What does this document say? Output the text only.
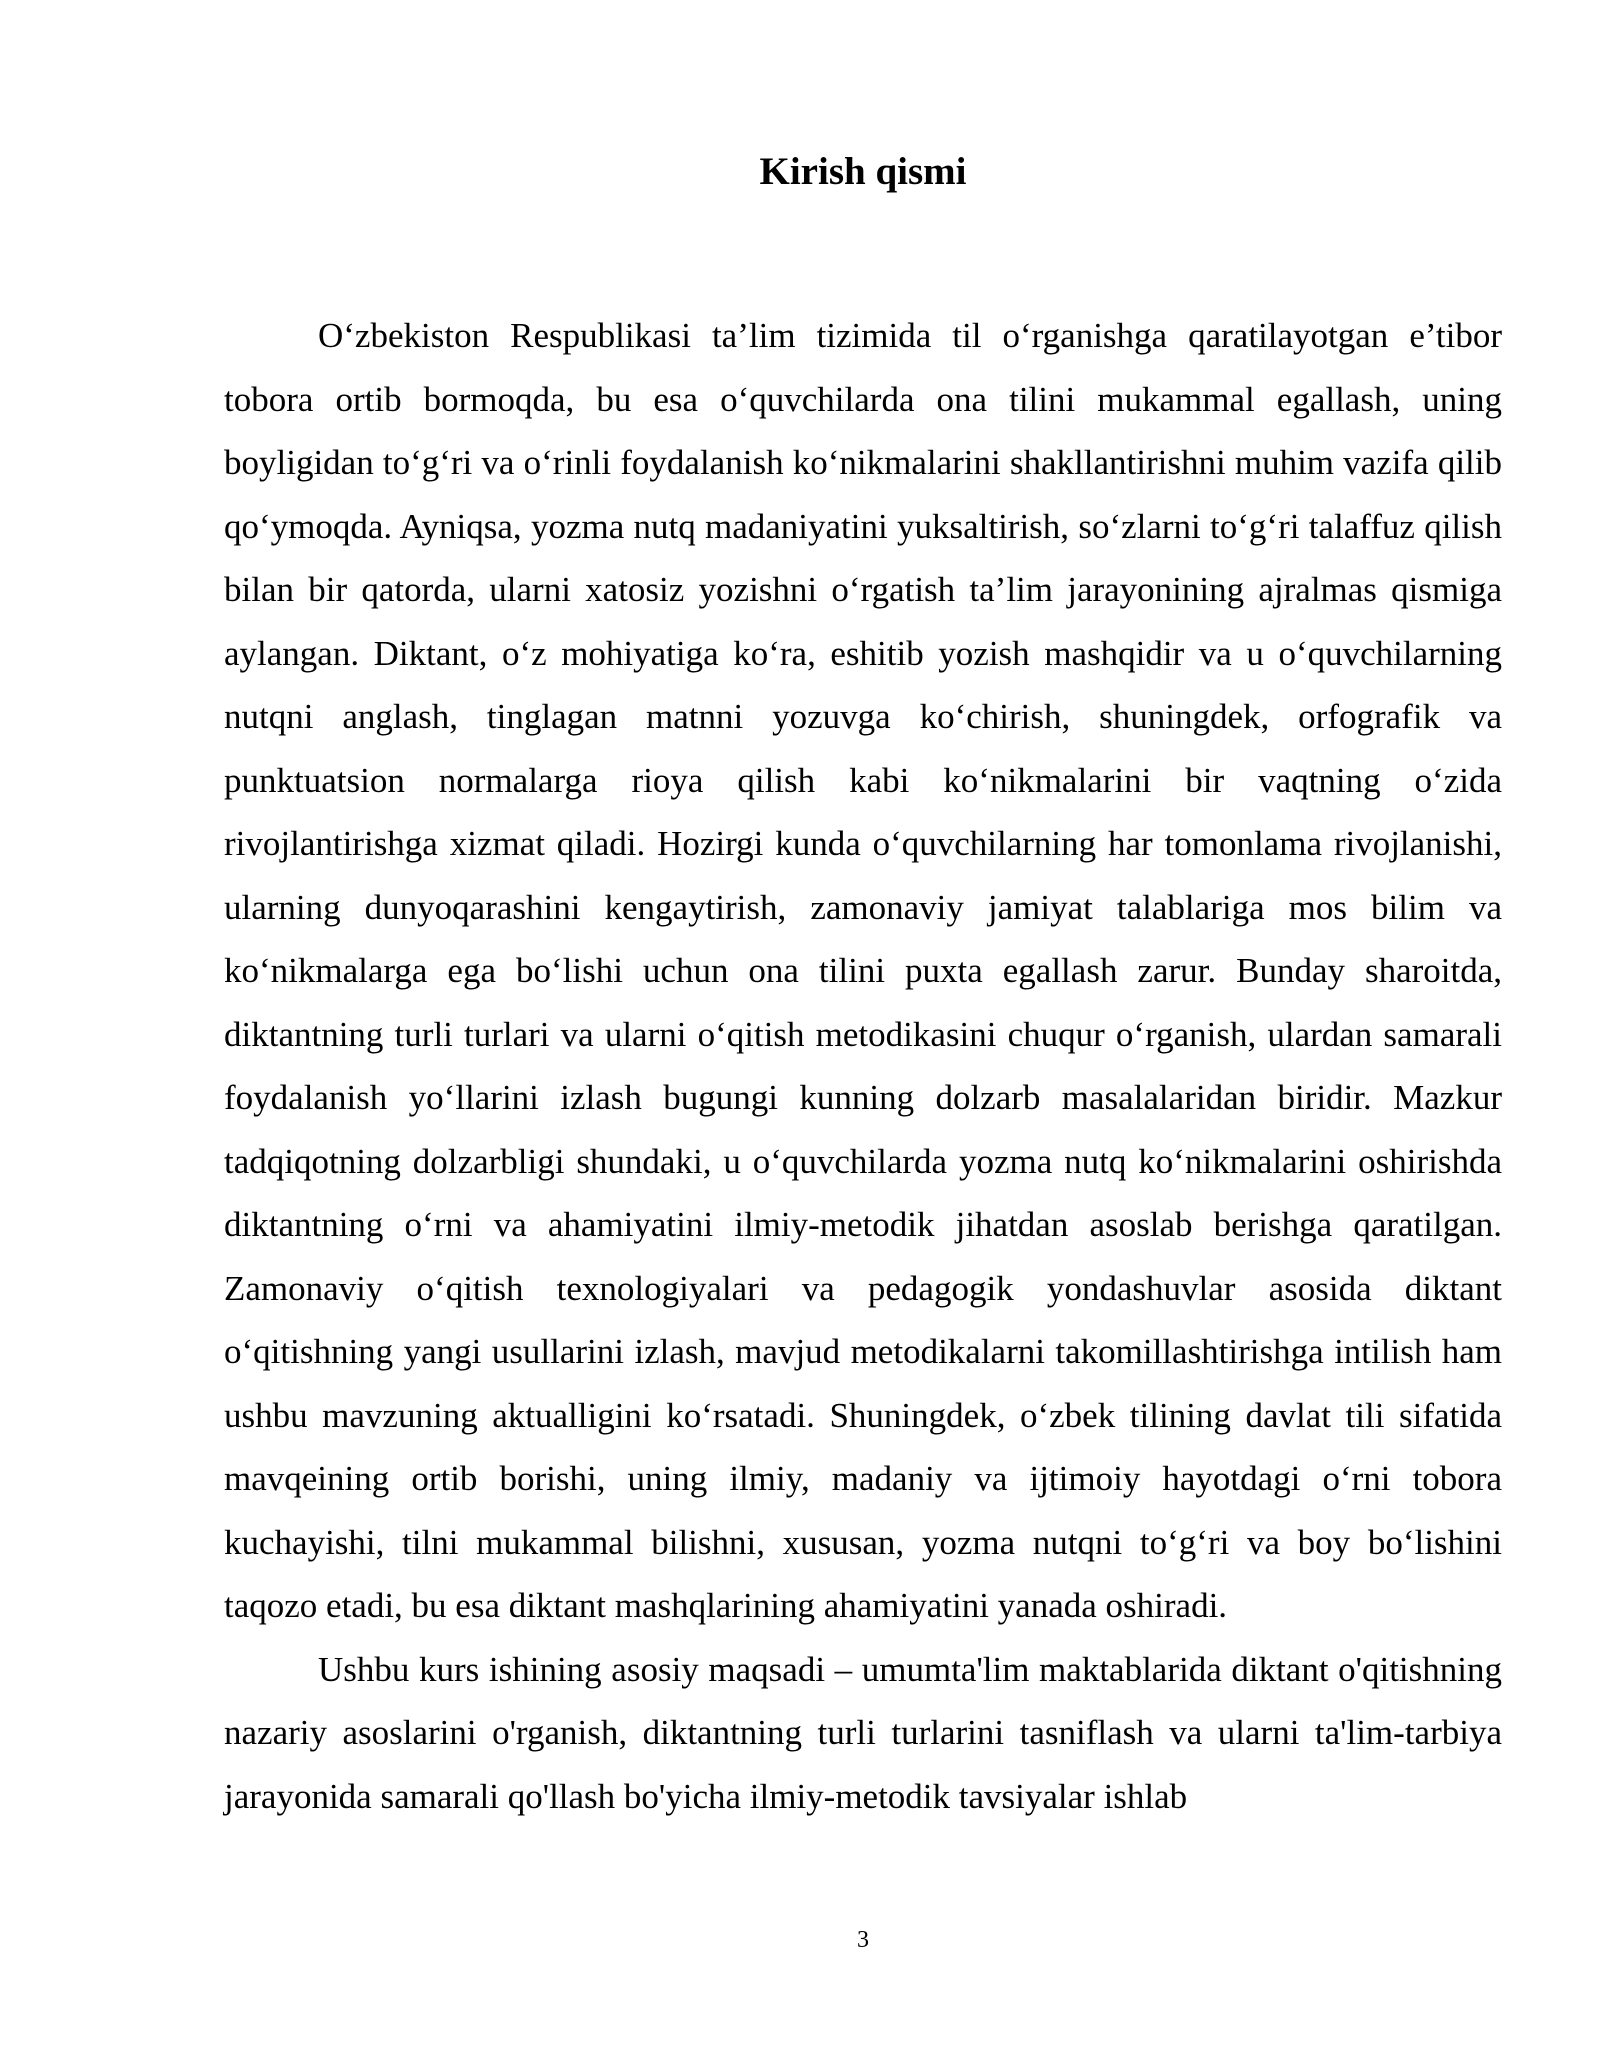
Kirish qismi

O‘zbekiston Respublikasi ta’lim tizimida til o‘rganishga qaratilayotgan e’tibor tobora ortib bormoqda, bu esa o‘quvchilarda ona tilini mukammal egallash, uning boyligidan to‘g‘ri va o‘rinli foydalanish ko‘nikmalarini shakllantirishni muhim vazifa qilib qo‘ymoqda. Ayniqsa, yozma nutq madaniyatini yuksaltirish, so‘zlarni to‘g‘ri talaffuz qilish bilan bir qatorda, ularni xatosiz yozishni o‘rgatish ta’lim jarayonining ajralmas qismiga aylangan. Diktant, o‘z mohiyatiga ko‘ra, eshitib yozish mashqidir va u o‘quvchilarning nutqni anglash, tinglagan matnni yozuvga ko‘chirish, shuningdek, orfografik va punktuatsion normalarga rioya qilish kabi ko‘nikmalarini bir vaqtning o‘zida rivojlantirishga xizmat qiladi. Hozirgi kunda o‘quvchilarning har tomonlama rivojlanishi, ularning dunyoqarashini kengaytirish, zamonaviy jamiyat talablariga mos bilim va ko‘nikmalarga ega bo‘lishi uchun ona tilini puxta egallash zarur. Bunday sharoitda, diktantning turli turlari va ularni o‘qitish metodikasini chuqur o‘rganish, ulardan samarali foydalanish yo‘llarini izlash bugungi kunning dolzarb masalalaridan biridir. Mazkur tadqiqotning dolzarbligi shundaki, u o‘quvchilarda yozma nutq ko‘nikmalarini oshirishda diktantning o‘rni va ahamiyatini ilmiy-metodik jihatdan asoslab berishga qaratilgan. Zamonaviy o‘qitish texnologiyalari va pedagogik yondashuvlar asosida diktant o‘qitishning yangi usullarini izlash, mavjud metodikalarni takomillashtirishga intilish ham ushbu mavzuning aktualligini ko‘rsatadi. Shuningdek, o‘zbek tilining davlat tili sifatida mavqeining ortib borishi, uning ilmiy, madaniy va ijtimoiy hayotdagi o‘rni tobora kuchayishi, tilni mukammal bilishni, xususan, yozma nutqni to‘g‘ri va boy bo‘lishini taqozo etadi, bu esa diktant mashqlarining ahamiyatini yanada oshiradi.

Ushbu kurs ishining asosiy maqsadi – umumta'lim maktablarida diktant o'qitishning nazariy asoslarini o'rganish, diktantning turli turlarini tasniflash va ularni ta'lim-tarbiya jarayonida samarali qo'llash bo'yicha ilmiy-metodik tavsiyalar ishlab

3
